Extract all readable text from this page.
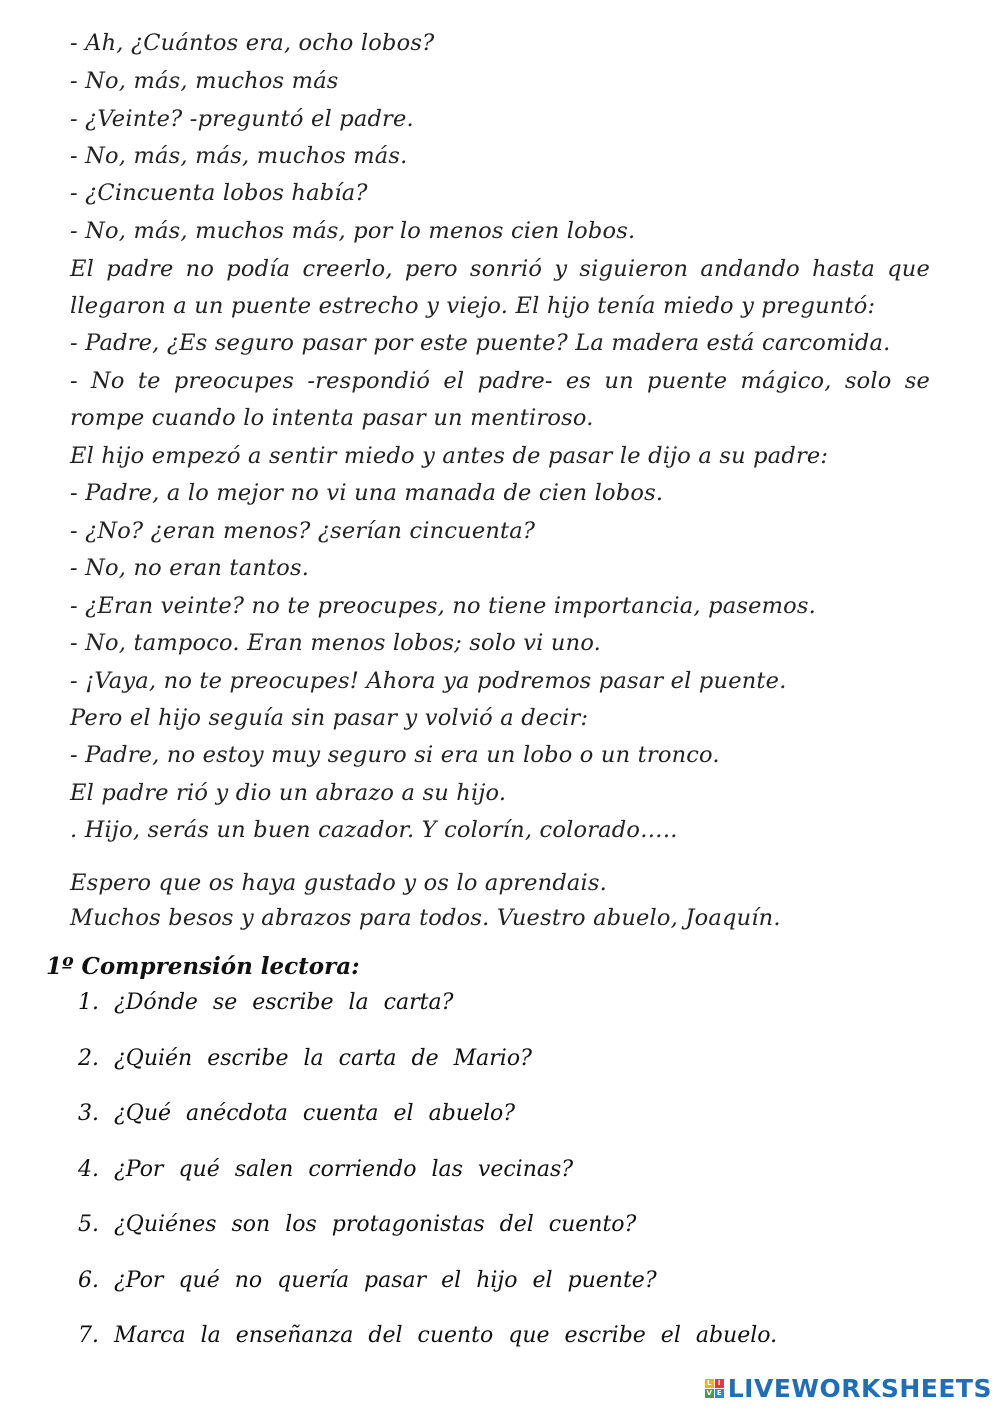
- Ah, ¿Cuántos era, ocho lobos?
- No, más, muchos más
- ¿Veinte? -preguntó el padre.
- No, más, más, muchos más.
- ¿Cincuenta lobos había?
- No, más, muchos más, por lo menos cien lobos.
El padre no podía creerlo, pero sonrió y siguieron andando hasta que
llegaron a un puente estrecho y viejo. El hijo tenía miedo y preguntó:
- Padre, ¿Es seguro pasar por este puente? La madera está carcomida.
- No te preocupes -respondió el padre- es un puente mágico, solo se
rompe cuando lo intenta pasar un mentiroso.
El hijo empezó a sentir miedo y antes de pasar le dijo a su padre:
- Padre, a lo mejor no vi una manada de cien lobos.
- ¿No? ¿eran menos? ¿serían cincuenta?
- No, no eran tantos.
- ¿Eran veinte? no te preocupes, no tiene importancia, pasemos.
- No, tampoco. Eran menos lobos; solo vi uno.
- ¡Vaya, no te preocupes! Ahora ya podremos pasar el puente.
Pero el hijo seguía sin pasar y volvió a decir:
- Padre, no estoy muy seguro si era un lobo o un tronco.
El padre rió y dio un abrazo a su hijo.
. Hijo, serás un buen cazador. Y colorín, colorado…..
Espero que os haya gustado y os lo aprendais.
Muchos besos y abrazos para todos. Vuestro abuelo, Joaquín.
1º Comprensión lectora:
1. ¿Dónde se escribe la carta?
2. ¿Quién escribe la carta de Mario?
3. ¿Qué anécdota cuenta el abuelo?
4. ¿Por qué salen corriendo las vecinas?
5. ¿Quiénes son los protagonistas del cuento?
6. ¿Por qué no quería pasar el hijo el puente?
7. Marca la enseñanza del cuento que escribe el abuelo.
L I
V E LIVEWORKSHEETS
